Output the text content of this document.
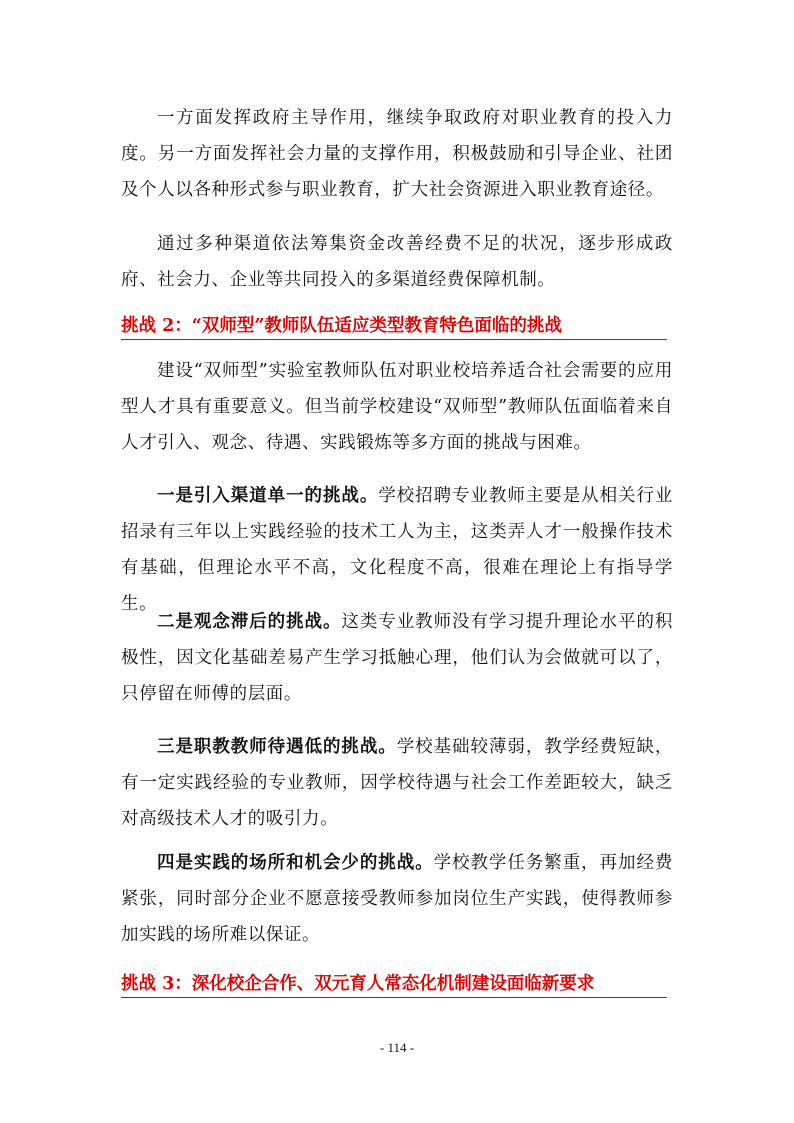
一方面发挥政府主导作用，继续争取政府对职业教育的投入力度。另一方面发挥社会力量的支撑作用，积极鼓励和引导企业、社团及个人以各种形式参与职业教育，扩大社会资源进入职业教育途径。

通过多种渠道依法筹集资金改善经费不足的状况，逐步形成政府、社会力、企业等共同投入的多渠道经费保障机制。

挑战 2：“双师型”教师队伍适应类型教育特色面临的挑战

建设“双师型”实验室教师队伍对职业校培养适合社会需要的应用型人才具有重要意义。但当前学校建设“双师型”教师队伍面临着来自人才引入、观念、待遇、实践锻炼等多方面的挑战与困难。

一是引入渠道单一的挑战。学校招聘专业教师主要是从相关行业招录有三年以上实践经验的技术工人为主，这类弄人才一般操作技术有基础，但理论水平不高，文化程度不高，很难在理论上有指导学生。

二是观念滞后的挑战。这类专业教师没有学习提升理论水平的积极性，因文化基础差易产生学习抵触心理，他们认为会做就可以了，只停留在师傅的层面。

三是职教教师待遇低的挑战。学校基础较薄弱，教学经费短缺，有一定实践经验的专业教师，因学校待遇与社会工作差距较大，缺乏对高级技术人才的吸引力。

四是实践的场所和机会少的挑战。学校教学任务繁重，再加经费紧张，同时部分企业不愿意接受教师参加岗位生产实践，使得教师参加实践的场所难以保证。

挑战 3：深化校企合作、双元育人常态化机制建设面临新要求
- 114 -
